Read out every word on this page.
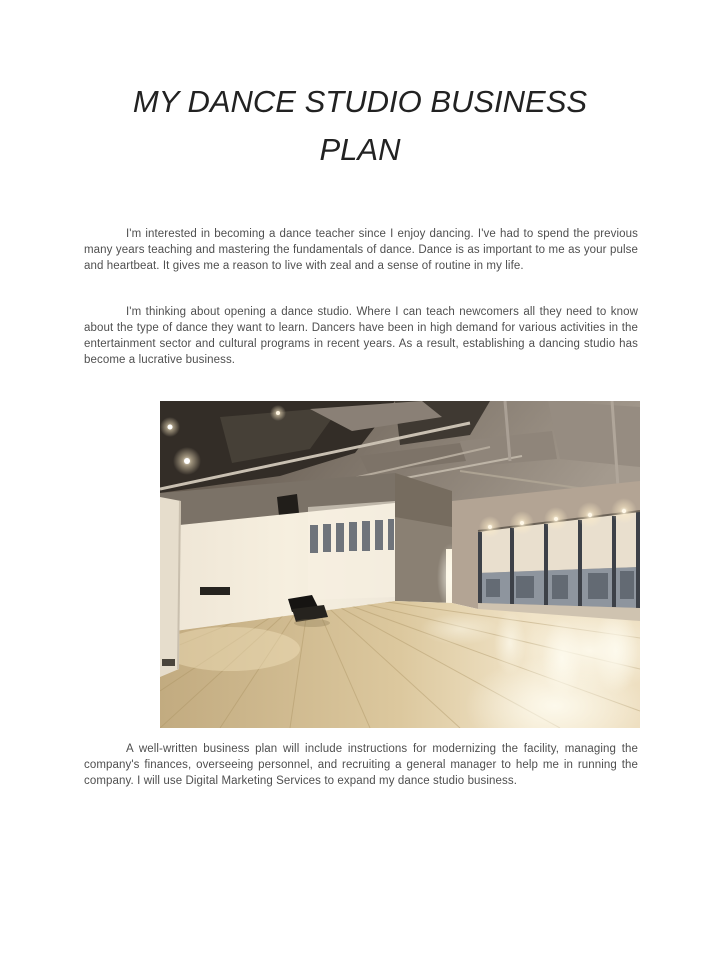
MY DANCE STUDIO BUSINESS PLAN

I'm interested in becoming a dance teacher since I enjoy dancing. I've had to spend the previous many years teaching and mastering the fundamentals of dance. Dance is as important to me as your pulse and heartbeat. It gives me a reason to live with zeal and a sense of routine in my life.

I'm thinking about opening a dance studio. Where I can teach newcomers all they need to know about the type of dance they want to learn. Dancers have been in high demand for various activities in the entertainment sector and cultural programs in recent years. As a result, establishing a dancing studio has become a lucrative business.

A well-written business plan will include instructions for modernizing the facility, managing the company's finances, overseeing personnel, and recruiting a general manager to help me in running the company. I will use Digital Marketing Services to expand my dance studio business.
